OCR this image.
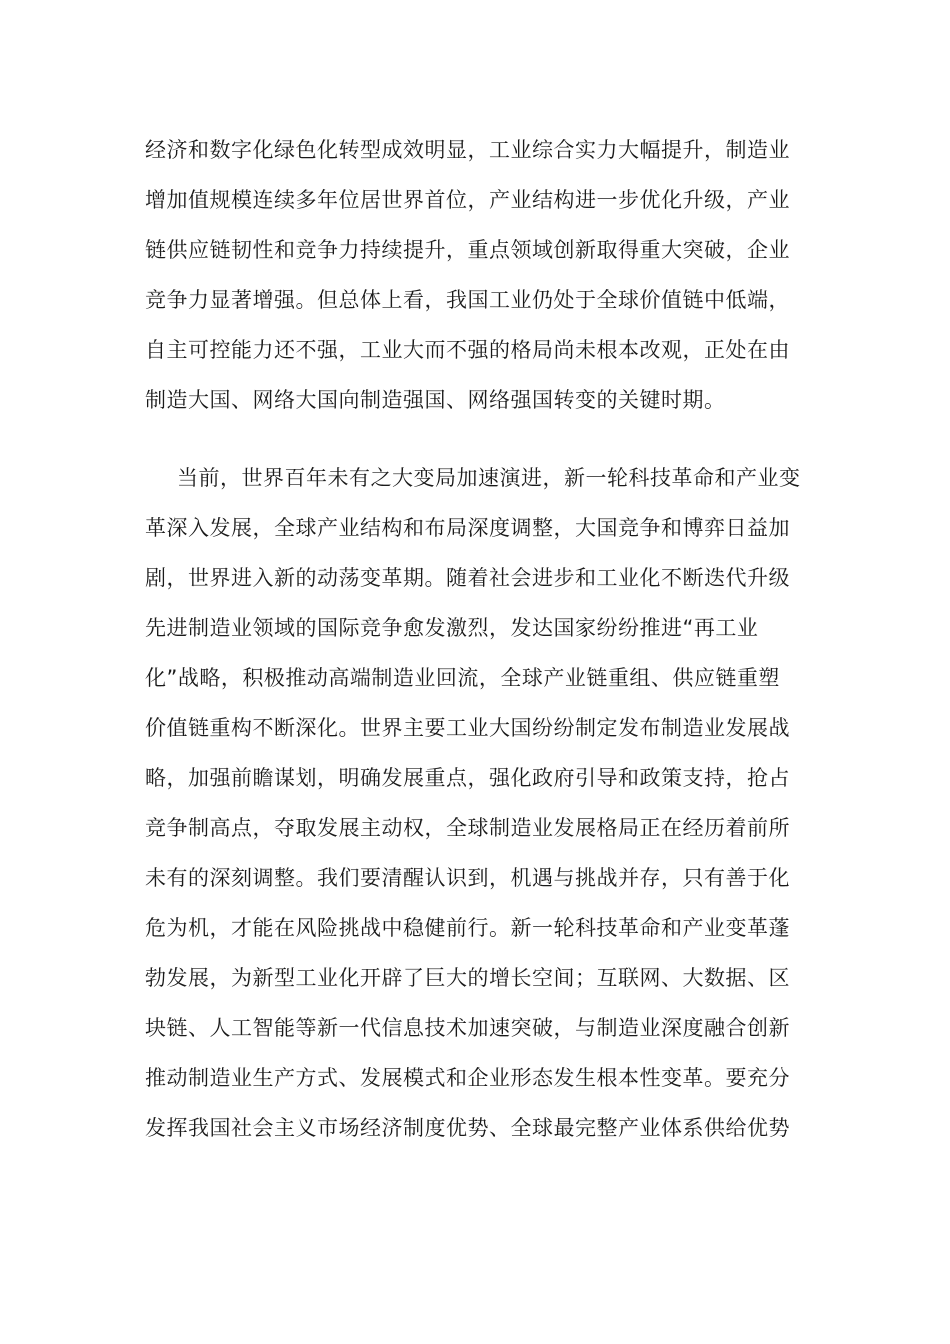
经济和数字化绿色化转型成效明显，工业综合实力大幅提升，制造业
增加值规模连续多年位居世界首位，产业结构进一步优化升级，产业
链供应链韧性和竞争力持续提升，重点领域创新取得重大突破，企业
竞争力显著增强。但总体上看，我国工业仍处于全球价值链中低端，
自主可控能力还不强，工业大而不强的格局尚未根本改观，正处在由
制造大国、网络大国向制造强国、网络强国转变的关键时期。
当前，世界百年未有之大变局加速演进，新一轮科技革命和产业变
革深入发展，全球产业结构和布局深度调整，大国竞争和博弈日益加
剧，世界进入新的动荡变革期。随着社会进步和工业化不断迭代升级
先进制造业领域的国际竞争愈发激烈，发达国家纷纷推进“再工业
化”战略，积极推动高端制造业回流，全球产业链重组、供应链重塑
价值链重构不断深化。世界主要工业大国纷纷制定发布制造业发展战
略，加强前瞻谋划，明确发展重点，强化政府引导和政策支持，抢占
竞争制高点，夺取发展主动权，全球制造业发展格局正在经历着前所
未有的深刻调整。我们要清醒认识到，机遇与挑战并存，只有善于化
危为机，才能在风险挑战中稳健前行。新一轮科技革命和产业变革蓬
勃发展，为新型工业化开辟了巨大的增长空间；互联网、大数据、区
块链、人工智能等新一代信息技术加速突破，与制造业深度融合创新
推动制造业生产方式、发展模式和企业形态发生根本性变革。要充分
发挥我国社会主义市场经济制度优势、全球最完整产业体系供给优势
